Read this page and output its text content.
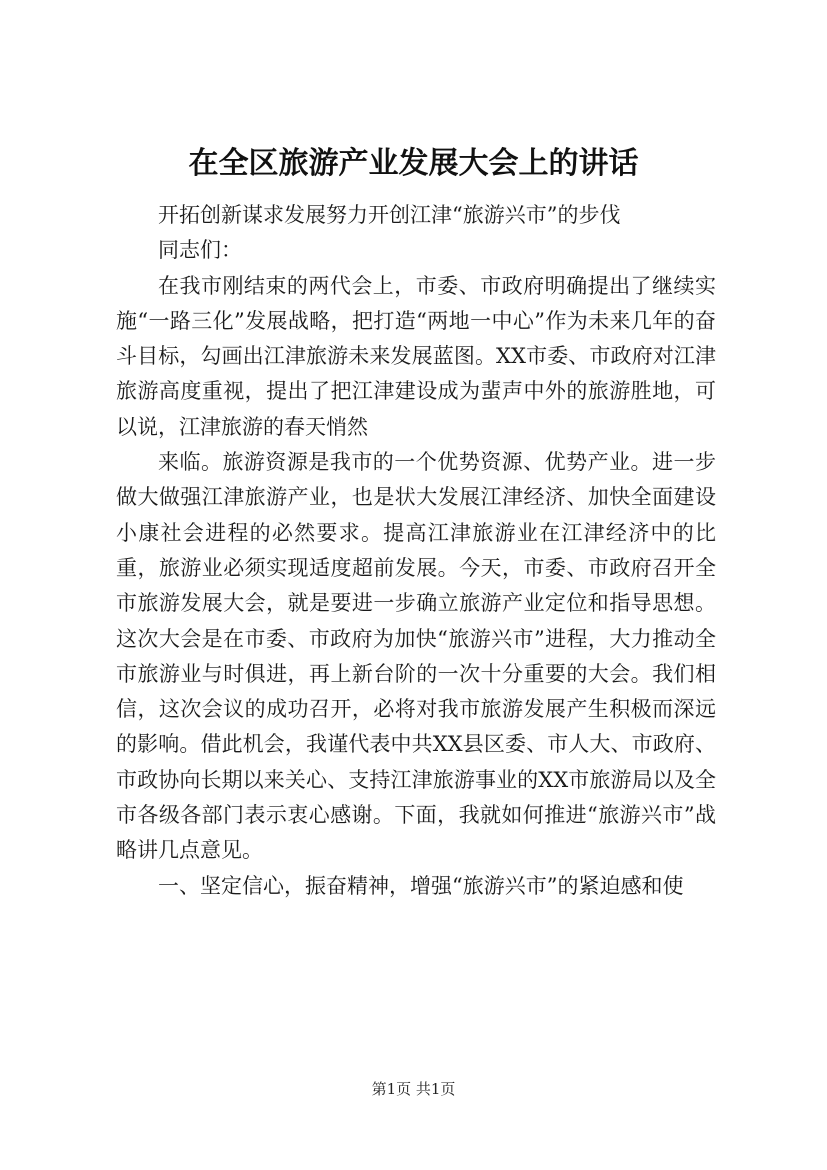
在全区旅游产业发展大会上的讲话

开拓创新谋求发展努力开创江津“旅游兴市”的步伐

同志们：

在我市刚结束的两代会上，市委、市政府明确提出了继续实施“一路三化”发展战略，把打造“两地一中心”作为未来几年的奋斗目标，勾画出江津旅游未来发展蓝图。XX市委、市政府对江津旅游高度重视，提出了把江津建设成为蜚声中外的旅游胜地，可以说，江津旅游的春天悄然

来临。旅游资源是我市的一个优势资源、优势产业。进一步做大做强江津旅游产业，也是状大发展江津经济、加快全面建设小康社会进程的必然要求。提高江津旅游业在江津经济中的比重，旅游业必须实现适度超前发展。今天，市委、市政府召开全市旅游发展大会，就是要进一步确立旅游产业定位和指导思想。这次大会是在市委、市政府为加快“旅游兴市”进程，大力推动全市旅游业与时俱进，再上新台阶的一次十分重要的大会。我们相信，这次会议的成功召开，必将对我市旅游发展产生积极而深远的影响。借此机会，我谨代表中共XX县区委、市人大、市政府、市政协向长期以来关心、支持江津旅游事业的XX市旅游局以及全市各级各部门表示衷心感谢。下面，我就如何推进“旅游兴市”战略讲几点意见。

一、坚定信心，振奋精神，增强“旅游兴市”的紧迫感和使

第1页 共1页
